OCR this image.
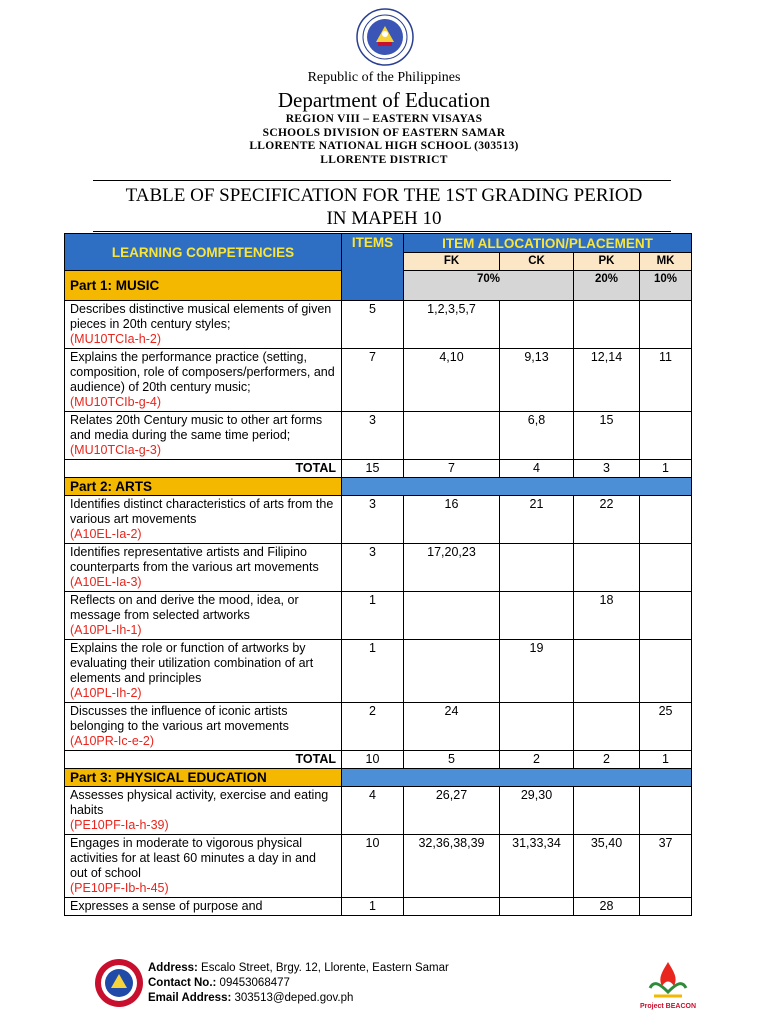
Republic of the Philippines
Department of Education
REGION VIII – EASTERN VISAYAS
SCHOOLS DIVISION OF EASTERN SAMAR
LLORENTE NATIONAL HIGH SCHOOL (303513)
LLORENTE DISTRICT
TABLE OF SPECIFICATION FOR THE 1ST GRADING PERIOD
IN MAPEH 10
LEARNING COMPETENCIES	ITEMS	ITEM ALLOCATION/PLACEMENT			
		FK	CK	PK	MK
Part 1: MUSIC		70%		20%	10%
Describes distinctive musical elements of given pieces in 20th century styles;
(MU10TCIa-h-2)	5	1,2,3,5,7			
Explains the performance practice (setting, composition, role of composers/performers, and audience) of 20th century music;
(MU10TCIb-g-4)	7	4,10	9,13	12,14	11
Relates 20th Century music to other art forms and media during the same time period; (MU10TCIa-g-3)	3		6,8	15	
TOTAL	15	7	4	3	1
Part 2: ARTS					
Identifies distinct characteristics of arts from the various art movements
(A10EL-Ia-2)	3	16	21	22	
Identifies representative artists and Filipino counterparts from the various art movements
(A10EL-Ia-3)	3	17,20,23			
Reflects on and derive the mood, idea, or message from selected artworks
(A10PL-Ih-1)	1			18	
Explains the role or function of artworks by evaluating their utilization combination of art elements and principles
(A10PL-Ih-2)	1		19		
Discusses the influence of iconic artists belonging to the various art movements
(A10PR-Ic-e-2)	2	24			25
TOTAL	10	5	2	2	1
Part 3: PHYSICAL EDUCATION					
Assesses physical activity, exercise and eating habits
(PE10PF-Ia-h-39)	4	26,27	29,30		
Engages in moderate to vigorous physical activities for at least 60 minutes a day in and out of school
(PE10PF-Ib-h-45)	10	32,36,38,39	31,33,34	35,40	37
Expresses a sense of purpose and	1			28	
Address: Escalo Street, Brgy. 12, Llorente, Eastern Samar
Contact No.: 09453068477
Email Address: 303513@deped.gov.ph
Project BEACON
